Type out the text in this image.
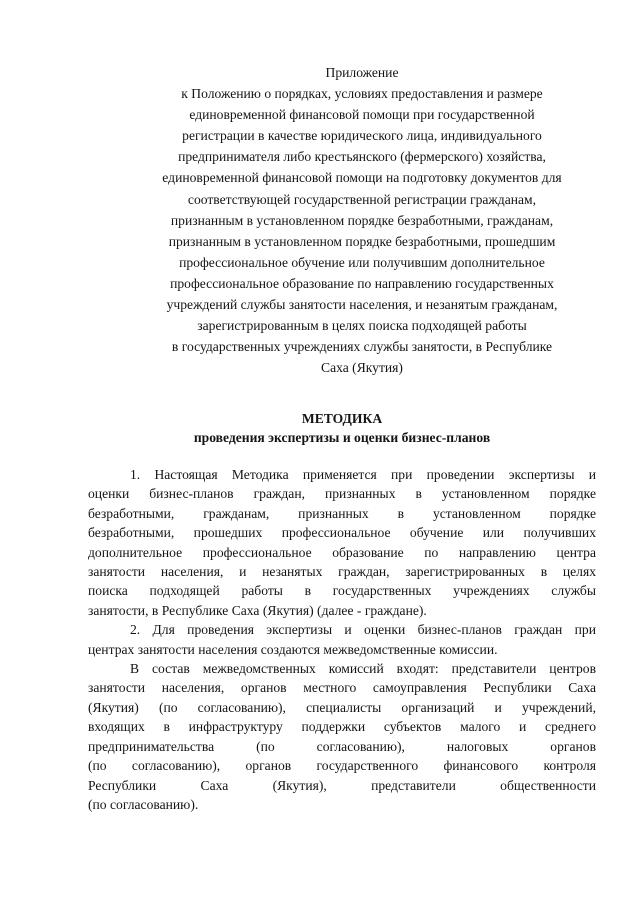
Приложение

к Положению о порядках, условиях предоставления и размере

единовременной финансовой помощи при государственной

регистрации в качестве юридического лица, индивидуального

предпринимателя либо крестьянского (фермерского) хозяйства,

единовременной финансовой помощи на подготовку документов для

соответствующей государственной регистрации гражданам,

признанным в установленном порядке безработными, гражданам,

признанным в установленном порядке безработными, прошедшим

профессиональное обучение или получившим дополнительное

профессиональное образование по направлению государственных

учреждений службы занятости населения, и незанятым гражданам,

зарегистрированным в целях поиска подходящей работы

в государственных учреждениях службы занятости, в Республике

Саха (Якутия)

МЕТОДИКА

проведения экспертизы и оценки бизнес-планов

1. Настоящая Методика применяется при проведении экспертизы и
оценки бизнес-планов граждан, признанных в установленном порядке
безработными, гражданам, признанных в установленном порядке
безработными, прошедших профессиональное обучение или получивших
дополнительное профессиональное образование по направлению центра
занятости населения, и незанятых граждан, зарегистрированных в целях
поиска подходящей работы в государственных учреждениях службы
занятости, в Республике Саха (Якутия) (далее - граждане).

2. Для проведения экспертизы и оценки бизнес-планов граждан при
центрах занятости населения создаются межведомственные комиссии.

В состав межведомственных комиссий входят: представители центров
занятости населения, органов местного самоуправления Республики Саха
(Якутия) (по согласованию), специалисты организаций и учреждений,
входящих в инфраструктуру поддержки субъектов малого и среднего
предпринимательства (по согласованию), налоговых органов
(по согласованию), органов государственного финансового контроля
Республики Саха (Якутия), представители общественности
(по согласованию).
